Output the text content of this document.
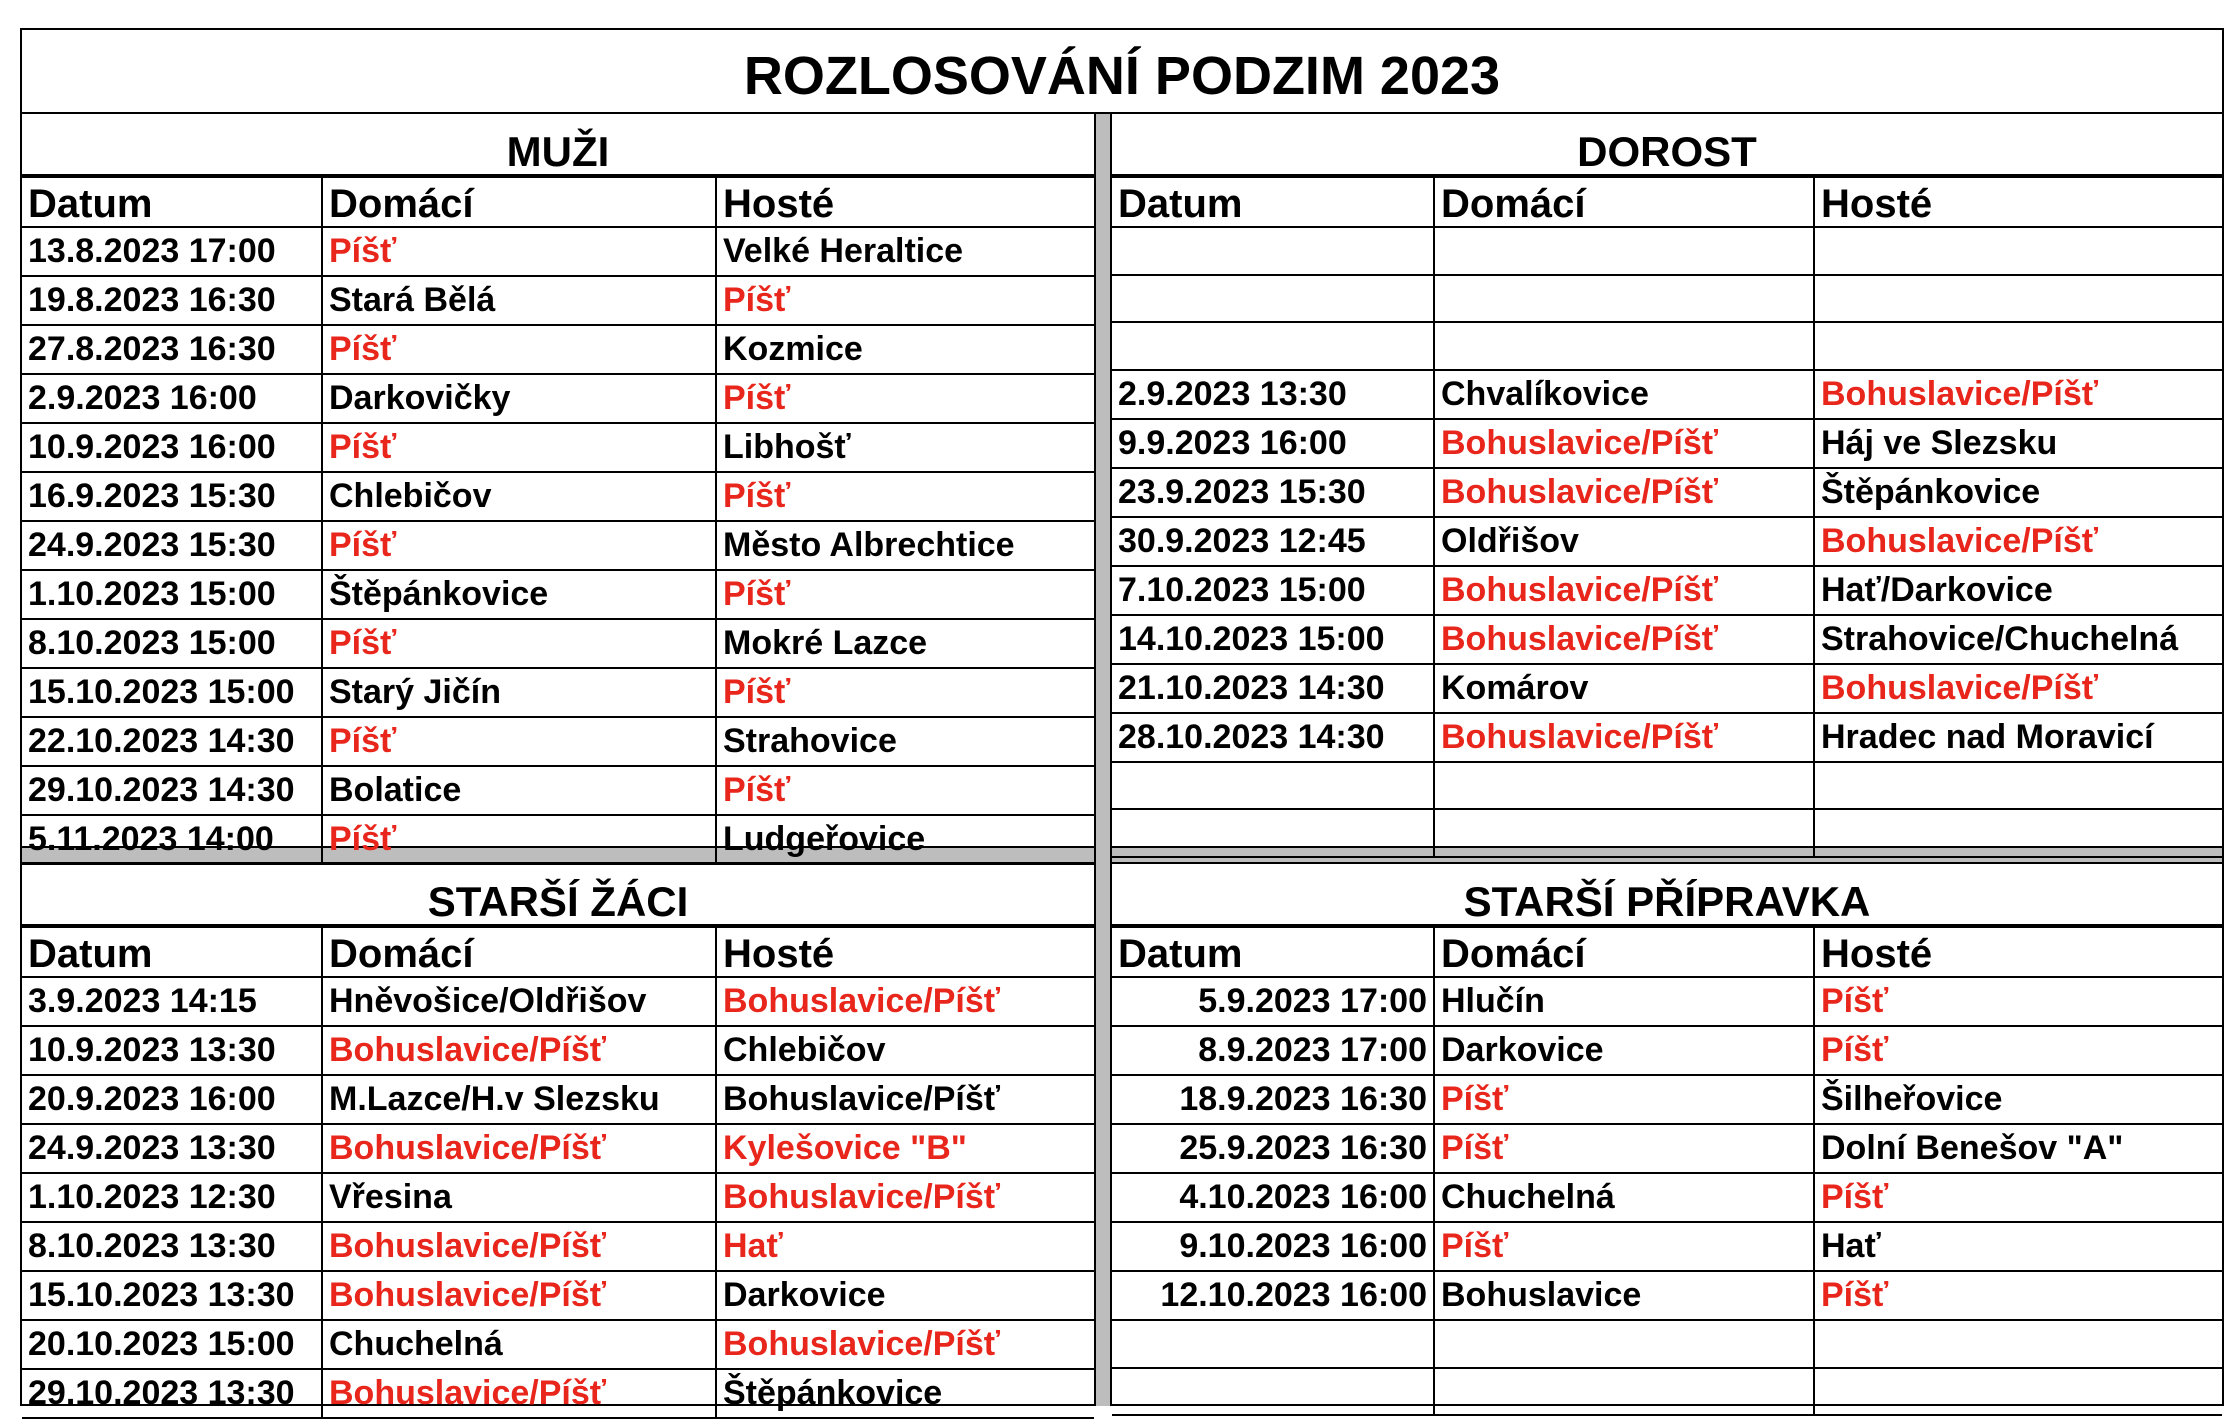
ROZLOSOVÁNÍ PODZIM 2023
MUŽI
Datum	Domácí	Hosté
13.8.2023 17:00	Píšť	Velké Heraltice
19.8.2023 16:30	Stará Bělá	Píšť
27.8.2023 16:30	Píšť	Kozmice
2.9.2023 16:00	Darkovičky	Píšť
10.9.2023 16:00	Píšť	Libhošť
16.9.2023 15:30	Chlebičov	Píšť
24.9.2023 15:30	Píšť	Město Albrechtice
1.10.2023 15:00	Štěpánkovice	Píšť
8.10.2023 15:00	Píšť	Mokré Lazce
15.10.2023 15:00	Starý Jičín	Píšť
22.10.2023 14:30	Píšť	Strahovice
29.10.2023 14:30	Bolatice	Píšť
5.11.2023 14:00	Píšť	Ludgeřovice
DOROST
Datum	Domácí	Hosté

2.9.2023 13:30	Chvalíkovice	Bohuslavice/Píšť
9.9.2023 16:00	Bohuslavice/Píšť	Háj ve Slezsku
23.9.2023 15:30	Bohuslavice/Píšť	Štěpánkovice
30.9.2023 12:45	Oldřišov	Bohuslavice/Píšť
7.10.2023 15:00	Bohuslavice/Píšť	Hať/Darkovice
14.10.2023 15:00	Bohuslavice/Píšť	Strahovice/Chuchelná
21.10.2023 14:30	Komárov	Bohuslavice/Píšť
28.10.2023 14:30	Bohuslavice/Píšť	Hradec nad Moravicí

STARŠÍ ŽÁCI
Datum	Domácí	Hosté
3.9.2023 14:15	Hněvošice/Oldřišov	Bohuslavice/Píšť
10.9.2023 13:30	Bohuslavice/Píšť	Chlebičov
20.9.2023 16:00	M.Lazce/H.v Slezsku	Bohuslavice/Píšť
24.9.2023 13:30	Bohuslavice/Píšť	Kylešovice "B"
1.10.2023 12:30	Vřesina	Bohuslavice/Píšť
8.10.2023 13:30	Bohuslavice/Píšť	Hať
15.10.2023 13:30	Bohuslavice/Píšť	Darkovice
20.10.2023 15:00	Chuchelná	Bohuslavice/Píšť
29.10.2023 13:30	Bohuslavice/Píšť	Štěpánkovice
STARŠÍ PŘÍPRAVKA
Datum	Domácí	Hosté
5.9.2023 17:00	Hlučín	Píšť
8.9.2023 17:00	Darkovice	Píšť
18.9.2023 16:30	Píšť	Šilheřovice
25.9.2023 16:30	Píšť	Dolní Benešov "A"
4.10.2023 16:00	Chuchelná	Píšť
9.10.2023 16:00	Píšť	Hať
12.10.2023 16:00	Bohuslavice	Píšť
